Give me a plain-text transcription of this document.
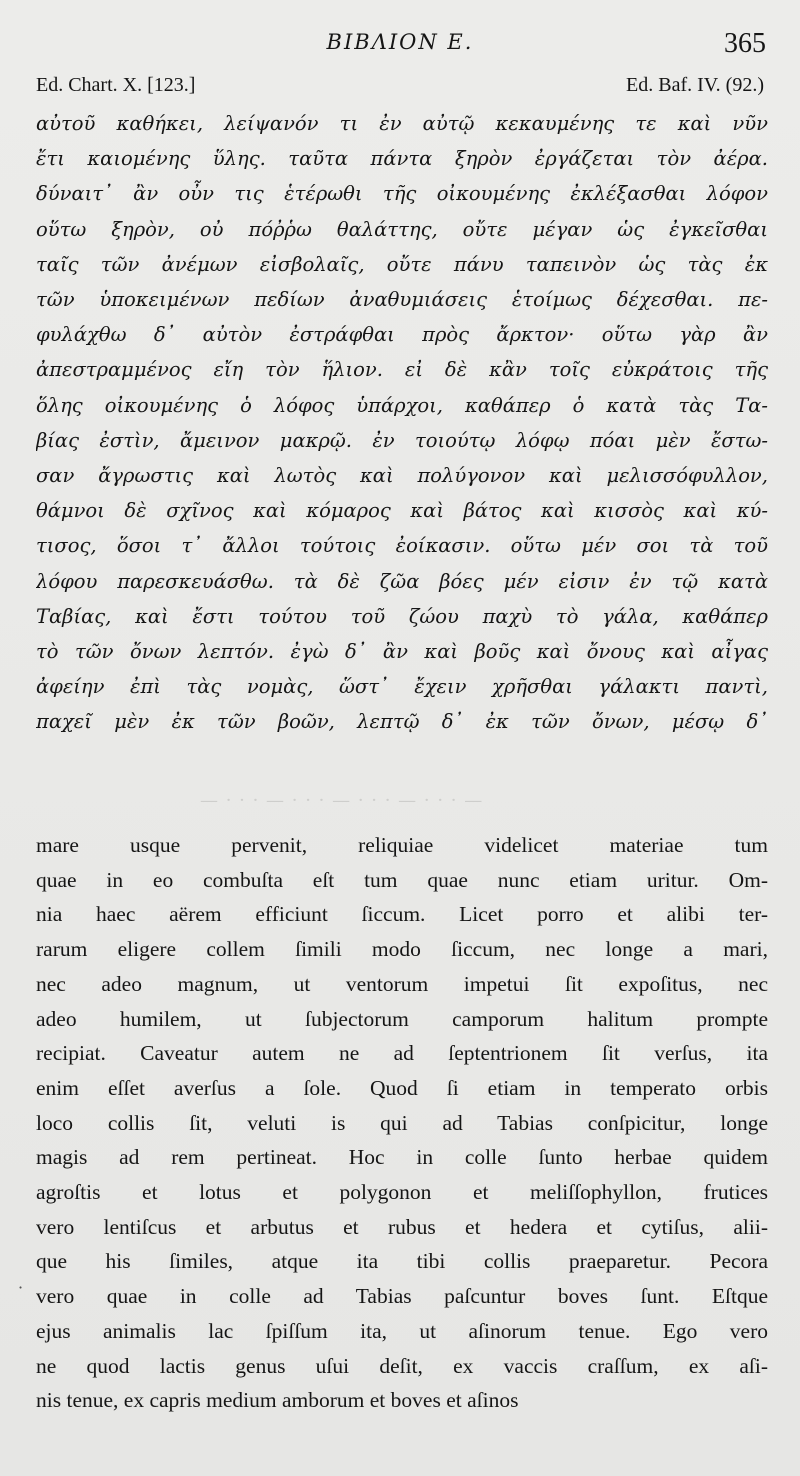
ΒΙΒΛΙΟΝ Ε.	365
Ed. Chart. X. [123.]	Ed. Baf. IV. (92.)
αὐτοῦ καθήκει, λείψανόν τι ἐν αὐτῷ κεκαυμένης τε καὶ νῦν
ἔτι καιομένης ὕλης. ταῦτα πάντα ξηρὸν ἐργάζεται τὸν ἀέρα.
δύναιτ᾽ ἂν οὖν τις ἑτέρωθι τῆς οἰκουμένης ἐκλέξασθαι λόφον
οὕτω ξηρὸν, οὐ πόῤῥω θαλάττης, οὔτε μέγαν ὡς ἐγκεῖσθαι
ταῖς τῶν ἀνέμων εἰσβολαῖς, οὔτε πάνυ ταπεινὸν ὡς τὰς ἐκ
τῶν ὑποκειμένων πεδίων ἀναθυμιάσεις ἑτοίμως δέχεσθαι. πε-
φυλάχθω δ᾽ αὐτὸν ἐστράφθαι πρὸς ἄρκτον· οὕτω γὰρ ἂν
ἀπεστραμμένος εἴη τὸν ἥλιον. εἰ δὲ κἂν τοῖς εὐκράτοις τῆς
ὅλης οἰκουμένης ὁ λόφος ὑπάρχοι, καθάπερ ὁ κατὰ τὰς Τα-
βίας ἐστὶν, ἄμεινον μακρῷ. ἐν τοιούτῳ λόφῳ πόαι μὲν ἔστω-
σαν ἄγρωστις καὶ λωτὸς καὶ πολύγονον καὶ μελισσόφυλλον,
θάμνοι δὲ σχῖνος καὶ κόμαρος καὶ βάτος καὶ κισσὸς καὶ κύ-
τισος, ὅσοι τ᾽ ἄλλοι τούτοις ἐοίκασιν. οὕτω μέν σοι τὰ τοῦ
λόφου παρεσκευάσθω. τὰ δὲ ζῶα βόες μέν εἰσιν ἐν τῷ κατὰ
Ταβίας, καὶ ἔστι τούτου τοῦ ζώου παχὺ τὸ γάλα, καθάπερ
τὸ τῶν ὄνων λεπτόν. ἐγὼ δ᾽ ἂν καὶ βοῦς καὶ ὄνους καὶ αἶγας
ἀφείην ἐπὶ τὰς νομὰς, ὥστ᾽ ἔχειν χρῆσθαι γάλακτι παντὶ,
παχεῖ μὲν ἐκ τῶν βοῶν, λεπτῷ δ᾽ ἐκ τῶν ὄνων, μέσῳ δ᾽
— · · · — · · · — · · · — · · · —
mare usque pervenit, reliquiae videlicet materiae tum
quae in eo combuſta eſt tum quae nunc etiam uritur. Om-
nia haec aërem efficiunt ſiccum. Licet porro et alibi ter-
rarum eligere collem ſimili modo ſiccum, nec longe a mari,
nec adeo magnum, ut ventorum impetui ſit expoſitus, nec
adeo humilem, ut ſubjectorum camporum halitum prompte
recipiat. Caveatur autem ne ad ſeptentrionem ſit verſus, ita
enim eſſet averſus a ſole. Quod ſi etiam in temperato orbis
loco collis ſit, veluti is qui ad Tabias conſpicitur, longe
magis ad rem pertineat. Hoc in colle ſunto herbae quidem
agroſtis et lotus et polygonon et meliſſophyllon, frutices
vero lentiſcus et arbutus et rubus et hedera et cytiſus, alii-
que his ſimiles, atque ita tibi collis praeparetur. Pecora
vero quae in colle ad Tabias paſcuntur boves ſunt. Eſtque
ejus animalis lac ſpiſſum ita, ut aſinorum tenue. Ego vero
ne quod lactis genus uſui deſit, ex vaccis craſſum, ex aſi-
nis tenue, ex capris medium amborum et boves et aſinos
·
